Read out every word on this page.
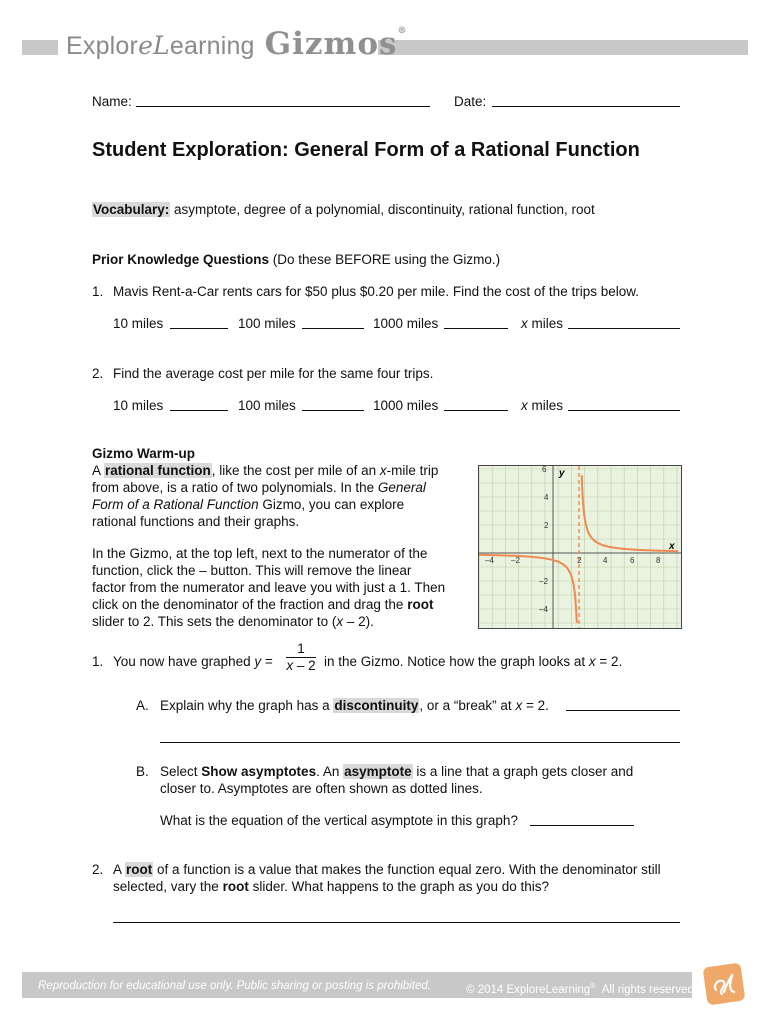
ExploreLearning Gizmos®
Name:	Date:
Student Exploration: General Form of a Rational Function
Vocabulary: asymptote, degree of a polynomial, discontinuity, rational function, root
Prior Knowledge Questions (Do these BEFORE using the Gizmo.)
1. Mavis Rent-a-Car rents cars for $50 plus $0.20 per mile. Find the cost of the trips below.
10 miles	100 miles	1000 miles	x miles
2. Find the average cost per mile for the same four trips.
10 miles	100 miles	1000 miles	x miles
Gizmo Warm-up
A rational function, like the cost per mile of an x-mile trip
from above, is a ratio of two polynomials. In the General
Form of a Rational Function Gizmo, you can explore
rational functions and their graphs.
In the Gizmo, at the top left, next to the numerator of the
function, click the – button. This will remove the linear
factor from the numerator and leave you with just a 1. Then
click on the denominator of the fraction and drag the root
slider to 2. This sets the denominator to (x – 2).
y
x
–4 –2	2	4	6	8
6
4
2
–2
–4
1. You now have graphed y =
1
x – 2 in the Gizmo. Notice how the graph looks at x = 2.
A. Explain why the graph has a discontinuity, or a “break” at x = 2.
B. Select Show asymptotes. An asymptote is a line that a graph gets closer and
closer to. Asymptotes are often shown as dotted lines.
What is the equation of the vertical asymptote in this graph?
2. A root of a function is a value that makes the function equal zero. With the denominator still
selected, vary the root slider. What happens to the graph as you do this?
Reproduction for educational use only. Public sharing or posting is prohibited.	© 2014 ExploreLearning® All rights reserved
